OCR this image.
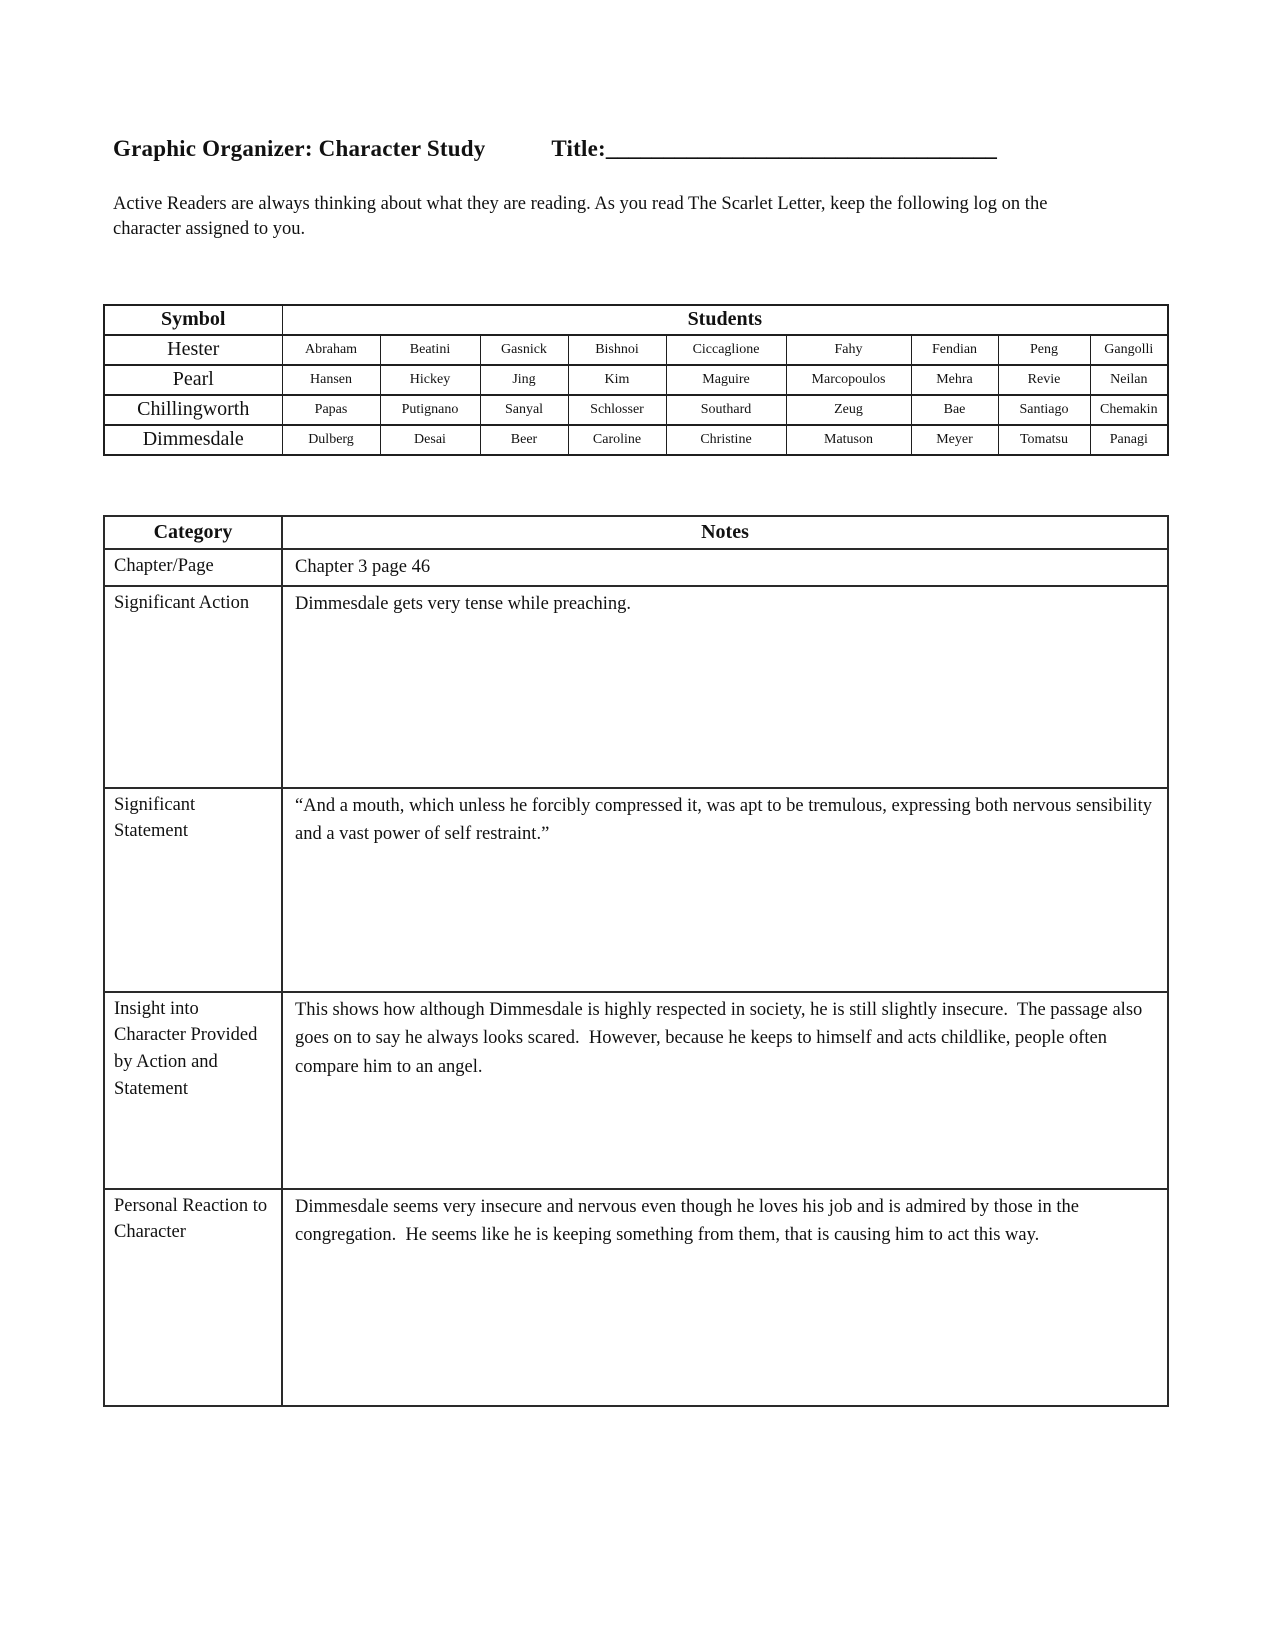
Graphic Organizer: Character Study	Title:__________________________________
Active Readers are always thinking about what they are reading. As you read The Scarlet Letter, keep the following log on the character assigned to you.
Symbol	Students								
Hester	Abraham	Beatini	Gasnick	Bishnoi	Ciccaglione	Fahy	Fendian	Peng	Gangolli
Pearl	Hansen	Hickey	Jing	Kim	Maguire	Marcopoulos	Mehra	Revie	Neilan
Chillingworth	Papas	Putignano	Sanyal	Schlosser	Southard	Zeug	Bae	Santiago	Chemakin
Dimmesdale	Dulberg	Desai	Beer	Caroline	Christine	Matuson	Meyer	Tomatsu	Panagi
Category	Notes
Chapter/Page	Chapter 3 page 46
Significant Action	Dimmesdale gets very tense while preaching.
Significant Statement	“And a mouth, which unless he forcibly compressed it, was apt to be tremulous, expressing both nervous sensibility and a vast power of self restraint.”
Insight into Character Provided by Action and Statement	This shows how although Dimmesdale is highly respected in society, he is still slightly insecure.  The passage also goes on to say he always looks scared.  However, because he keeps to himself and acts childlike, people often compare him to an angel.
Personal Reaction to Character	Dimmesdale seems very insecure and nervous even though he loves his job and is admired by those in the congregation.  He seems like he is keeping something from them, that is causing him to act this way.
